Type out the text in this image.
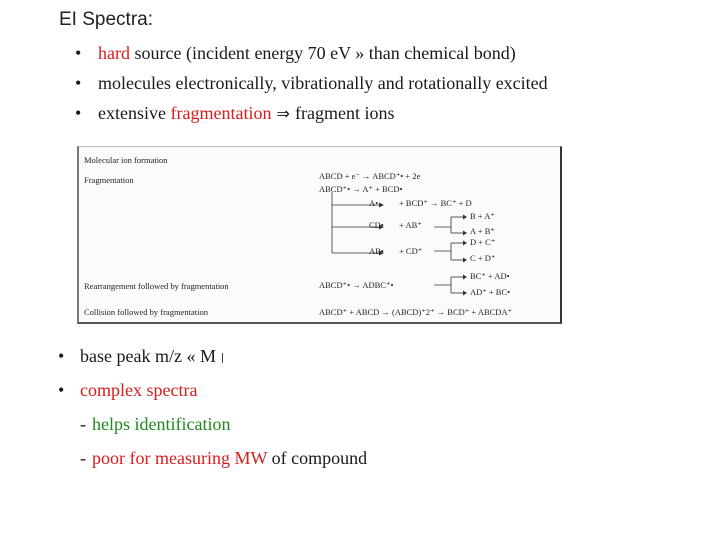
EI Spectra:
• hard source (incident energy 70 eV » than chemical bond)
• molecules electronically, vibrationally and rotationally excited
• extensive fragmentation ⇒ fragment ions
Molecular ion formation
Fragmentation
Rearrangement followed by fragmentation
Collision followed by fragmentation
ABCD + e⁻ → ABCD⁺• + 2e
ABCD⁺• → A⁺ + BCD•
A• + BCD⁺ → BC⁺ + D
CD• + AB⁺
B + A⁺
A + B⁺
AB• + CD⁺
D + C⁺
C + D⁺
ABCD⁺• → ADBC⁺•
BC⁺ + AD•
AD⁺ + BC•
ABCD⁺ + ABCD → (ABCD)⁺2⁺ → BCD⁺ + ABCDA⁺
• base peak m/z « M
• complex spectra
- helps identification
- poor for measuring MW of compound
